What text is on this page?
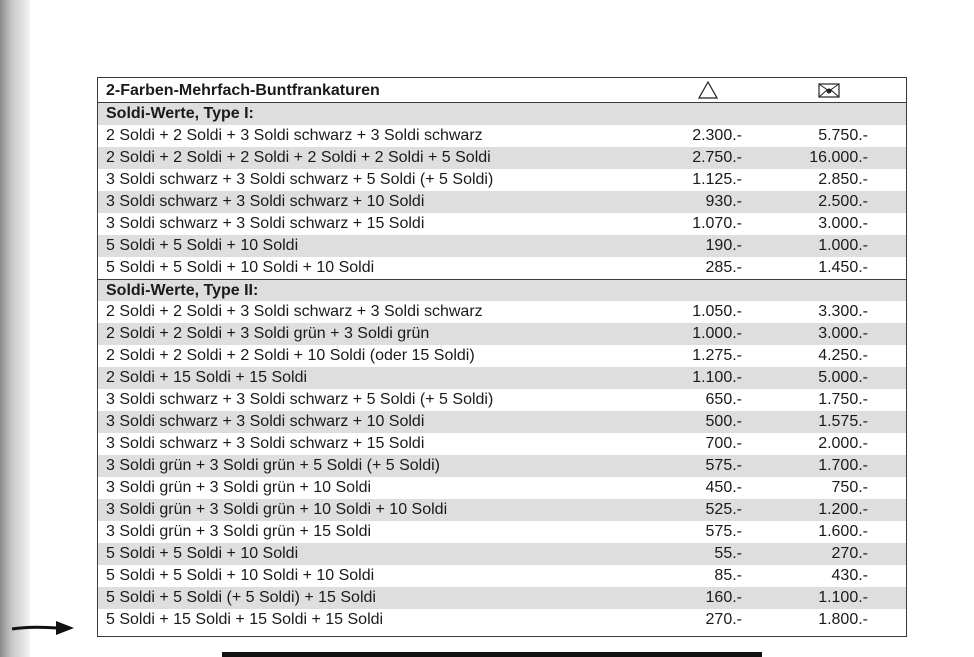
2-Farben-Mehrfach-Buntfrankaturen
Soldi-Werte, Type I:
2 Soldi + 2 Soldi + 3 Soldi schwarz + 3 Soldi schwarz	2.300.-	5.750.-
2 Soldi + 2 Soldi + 2 Soldi + 2 Soldi + 2 Soldi + 5 Soldi	2.750.-	16.000.-
3 Soldi schwarz + 3 Soldi schwarz + 5 Soldi (+ 5 Soldi)	1.125.-	2.850.-
3 Soldi schwarz + 3 Soldi schwarz + 10 Soldi	930.-	2.500.-
3 Soldi schwarz + 3 Soldi schwarz + 15 Soldi	1.070.-	3.000.-
5 Soldi + 5 Soldi + 10 Soldi	190.-	1.000.-
5 Soldi + 5 Soldi + 10 Soldi + 10 Soldi	285.-	1.450.-
Soldi-Werte, Type II:
2 Soldi + 2 Soldi + 3 Soldi schwarz + 3 Soldi schwarz	1.050.-	3.300.-
2 Soldi + 2 Soldi + 3 Soldi grün + 3 Soldi grün	1.000.-	3.000.-
2 Soldi + 2 Soldi + 2 Soldi + 10 Soldi (oder 15 Soldi)	1.275.-	4.250.-
2 Soldi + 15 Soldi + 15 Soldi	1.100.-	5.000.-
3 Soldi schwarz + 3 Soldi schwarz + 5 Soldi (+ 5 Soldi)	650.-	1.750.-
3 Soldi schwarz + 3 Soldi schwarz + 10 Soldi	500.-	1.575.-
3 Soldi schwarz + 3 Soldi schwarz + 15 Soldi	700.-	2.000.-
3 Soldi grün + 3 Soldi grün + 5 Soldi (+ 5 Soldi)	575.-	1.700.-
3 Soldi grün + 3 Soldi grün + 10 Soldi	450.-	750.-
3 Soldi grün + 3 Soldi grün + 10 Soldi + 10 Soldi	525.-	1.200.-
3 Soldi grün + 3 Soldi grün + 15 Soldi	575.-	1.600.-
5 Soldi + 5 Soldi + 10 Soldi	55.-	270.-
5 Soldi + 5 Soldi + 10 Soldi + 10 Soldi	85.-	430.-
5 Soldi + 5 Soldi (+ 5 Soldi) + 15 Soldi	160.-	1.100.-
5 Soldi + 15 Soldi + 15 Soldi + 15 Soldi	270.-	1.800.-
